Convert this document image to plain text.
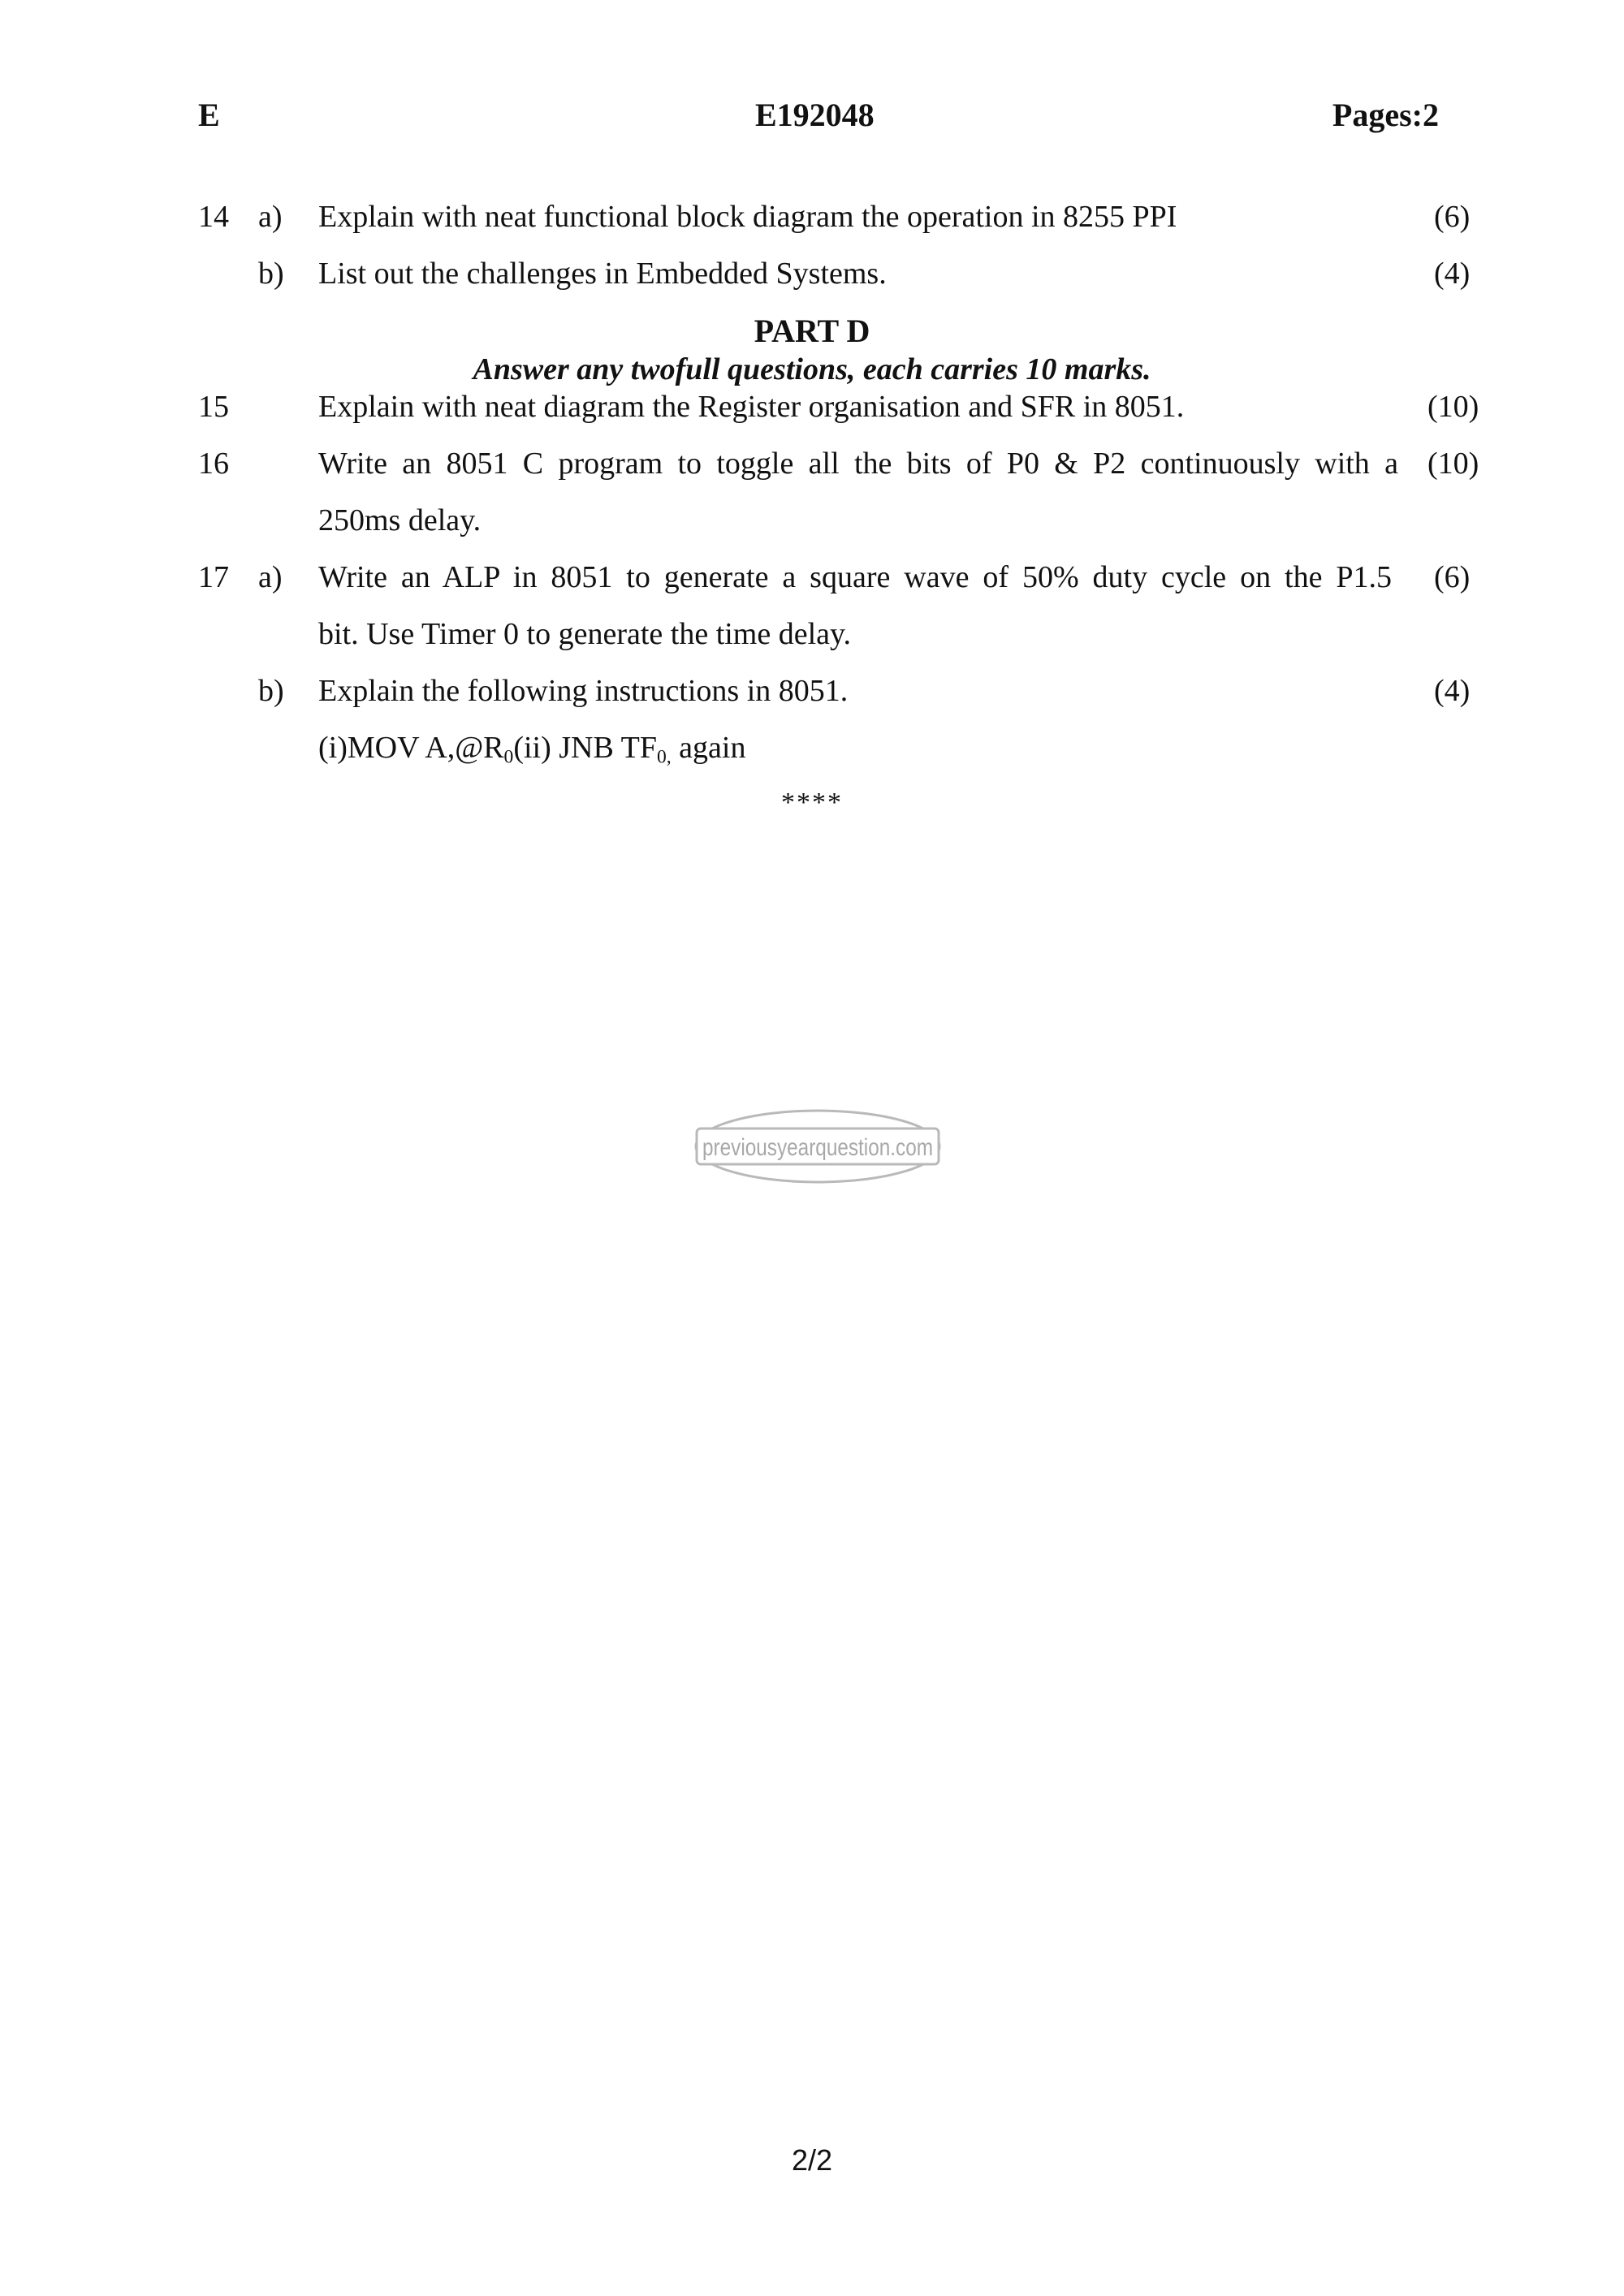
E	E192048	Pages:2
14 a) Explain with neat functional block diagram the operation in 8255 PPI	(6)
b) List out the challenges in Embedded Systems.	(4)
PART D
Answer any twofull questions, each carries 10 marks.
15	Explain with neat diagram the Register organisation and SFR in 8051.	(10)
16	Write an 8051 C program to toggle all the bits of P0 & P2 continuously with a (10)
250ms delay.
17 a) Write an ALP in 8051 to generate a square wave of 50% duty cycle on the P1.5 (6)
bit. Use Timer 0 to generate the time delay.
b) Explain the following instructions in 8051.	(4)
(i)MOV $A,@R_0(ii)$ JNB $TF_{0,}$ again
****
previousyearquestion.com
2/2
